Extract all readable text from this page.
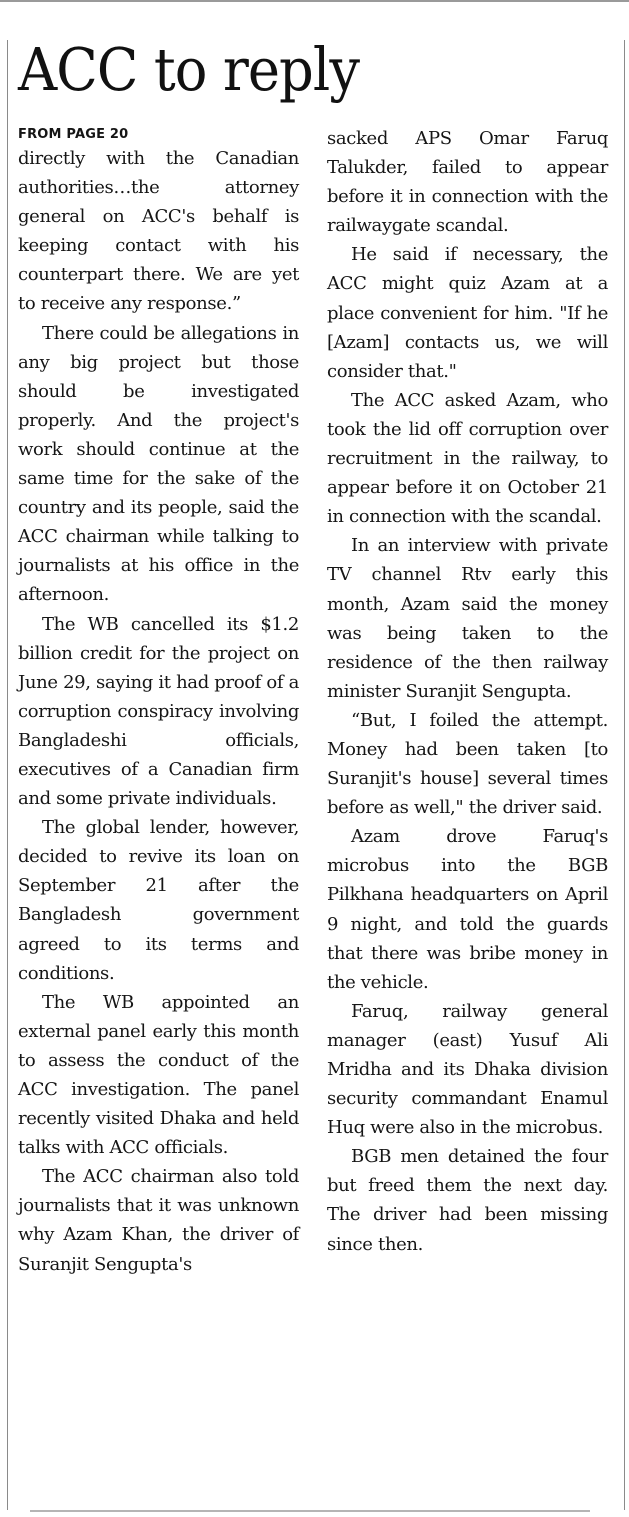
ACC to reply
FROM PAGE 20

directly with the Canadian authorities…the attorney general on ACC's behalf is keeping contact with his counterpart there. We are yet to receive any response.”

There could be allegations in any big project but those should be investigated properly. And the project's work should continue at the same time for the sake of the country and its people, said the ACC chairman while talking to journalists at his office in the afternoon.

The WB cancelled its $1.2 billion credit for the project on June 29, saying it had proof of a corruption conspiracy involving Bangladeshi officials, executives of a Canadian firm and some private individuals.

The global lender, however, decided to revive its loan on September 21 after the Bangladesh government agreed to its terms and conditions.

The WB appointed an external panel early this month to assess the conduct of the ACC investigation. The panel recently visited Dhaka and held talks with ACC officials.

The ACC chairman also told journalists that it was unknown why Azam Khan, the driver of Suranjit Sengupta's

sacked APS Omar Faruq Talukder, failed to appear before it in connection with the railwaygate scandal.

He said if necessary, the ACC might quiz Azam at a place convenient for him. "If he [Azam] contacts us, we will consider that."

The ACC asked Azam, who took the lid off corruption over recruitment in the railway, to appear before it on October 21 in connection with the scandal.

In an interview with private TV channel Rtv early this month, Azam said the money was being taken to the residence of the then railway minister Suranjit Sengupta.

“But, I foiled the attempt. Money had been taken [to Suranjit's house] several times before as well," the driver said.

Azam drove Faruq's microbus into the BGB Pilkhana headquarters on April 9 night, and told the guards that there was bribe money in the vehicle.

Faruq, railway general manager (east) Yusuf Ali Mridha and its Dhaka division security commandant Enamul Huq were also in the microbus.

BGB men detained the four but freed them the next day. The driver had been missing since then.
